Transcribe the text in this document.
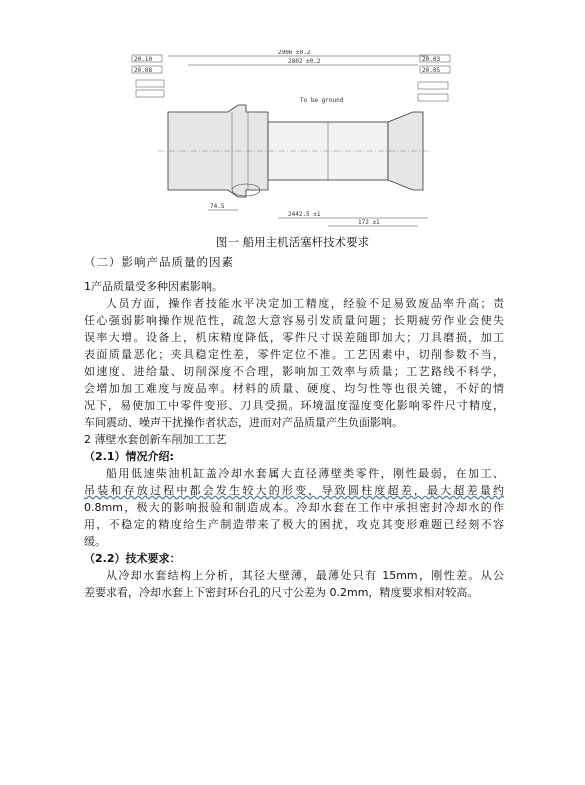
2906 ±0.2
2802 ±0.2
20.10
20.08
20.03
20.05
To be ground
74.5
2442.5 ±1
172 ±1
图一 船用主机活塞杆技术要求
（二）影响产品质量的因素
1产品质量受多种因素影响。
人员方面，操作者技能水平决定加工精度，经验不足易致废品率升高；责
任心强弱影响操作规范性，疏忽大意容易引发质量问题；长期疲劳作业会使失
误率大增。设备上，机床精度降低，零件尺寸误差随即加大；刀具磨损，加工
表面质量恶化；夹具稳定性差，零件定位不准。工艺因素中，切削参数不当，
如速度、进给量、切削深度不合理，影响加工效率与质量；工艺路线不科学，
会增加加工难度与废品率。材料的质量、硬度、均匀性等也很关键，不好的情
况下，易使加工中零件变形、刀具受损。环境温度湿度变化影响零件尺寸精度，
车间震动、噪声干扰操作者状态，进而对产品质量产生负面影响。
2 薄壁水套创新车削加工工艺
（2.1）情况介绍:
船用低速柴油机缸盖冷却水套属大直径薄壁类零件，刚性最弱，在加工、
吊装和存放过程中都会发生较大的形变，导致圆柱度超差，最大超差量约
0.8mm，极大的影响报验和制造成本。冷却水套在工作中承担密封冷却水的作
用，不稳定的精度给生产制造带来了极大的困扰，攻克其变形难题已经刻不容
缓。
（2.2）技术要求：
从冷却水套结构上分析，其径大壁薄，最薄处只有 15mm，刚性差。从公
差要求看，冷却水套上下密封环台孔的尺寸公差为 0.2mm，精度要求相对较高。
